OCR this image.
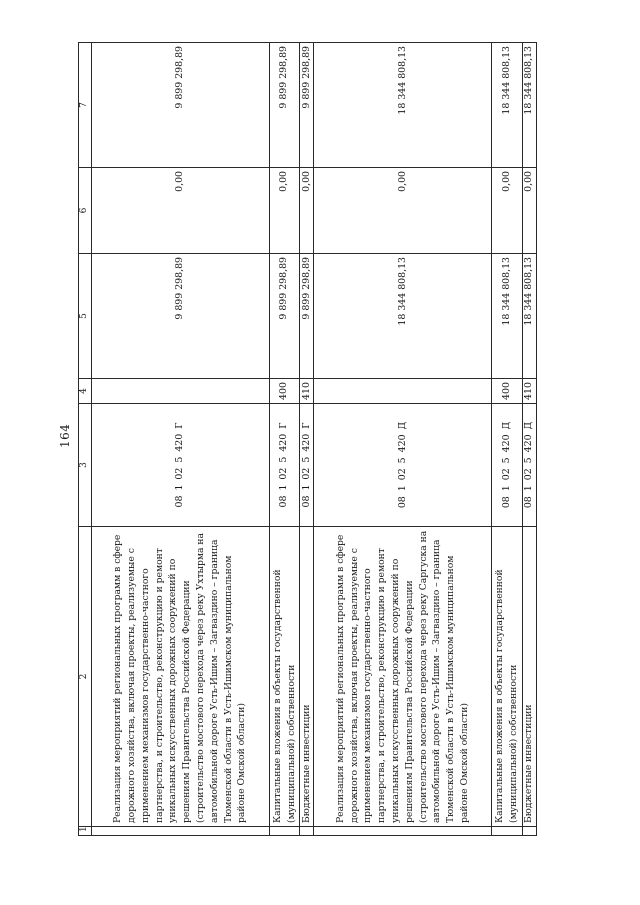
164
1	2	3	4	5	6	7
	Реализация мероприятий региональных программ в сфере дорожного хозяйства, включая проекты, реализуемые с применением механизмов государственно-частного партнерства, и строительство, реконструкцию и ремонт уникальных искусственных дорожных сооружений по решениям Правительства Российской Федерации (строительство мостового перехода через реку Ухтырма на автомобильной дороге Усть-Ишим – Загваздино – граница Тюменской области в Усть-Ишимском муниципальном районе Омской области)	081025420Г		9 899 298,89	0,00	9 899 298,89
	Капитальные вложения в объекты государственной (муниципальной) собственности	081025420Г	400	9 899 298,89	0,00	9 899 298,89
	Бюджетные инвестиции	081025420Г	410	9 899 298,89	0,00	9 899 298,89
	Реализация мероприятий региональных программ в сфере дорожного хозяйства, включая проекты, реализуемые с применением механизмов государственно-частного партнерства, и строительство, реконструкцию и ремонт уникальных искусственных дорожных сооружений по решениям Правительства Российской Федерации (строительство мостового перехода через реку Саргуска на автомобильной дороге Усть-Ишим – Загваздино – граница Тюменской области в Усть-Ишимском муниципальном районе Омской области)	081025420Д		18 344 808,13	0,00	18 344 808,13
	Капитальные вложения в объекты государственной (муниципальной) собственности	081025420Д	400	18 344 808,13	0,00	18 344 808,13
	Бюджетные инвестиции	081025420Д	410	18 344 808,13	0,00	18 344 808,13
